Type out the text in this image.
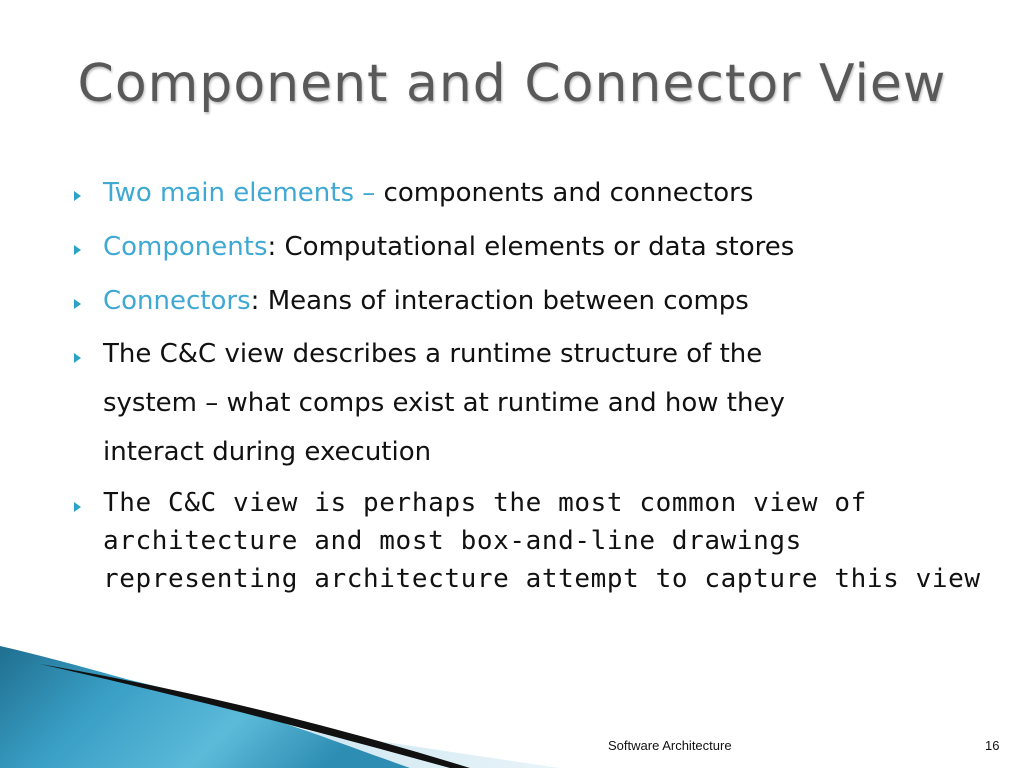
Component and Connector View
Two main elements – components and connectors
Components: Computational elements or data stores
Connectors: Means of interaction between comps
The C&C view describes a runtime structure of the
system – what comps exist at runtime and how they
interact during execution
The C&C view is perhaps the most common view of
architecture and most box-and-line drawings
representing architecture attempt to capture this view
Software Architecture	16
